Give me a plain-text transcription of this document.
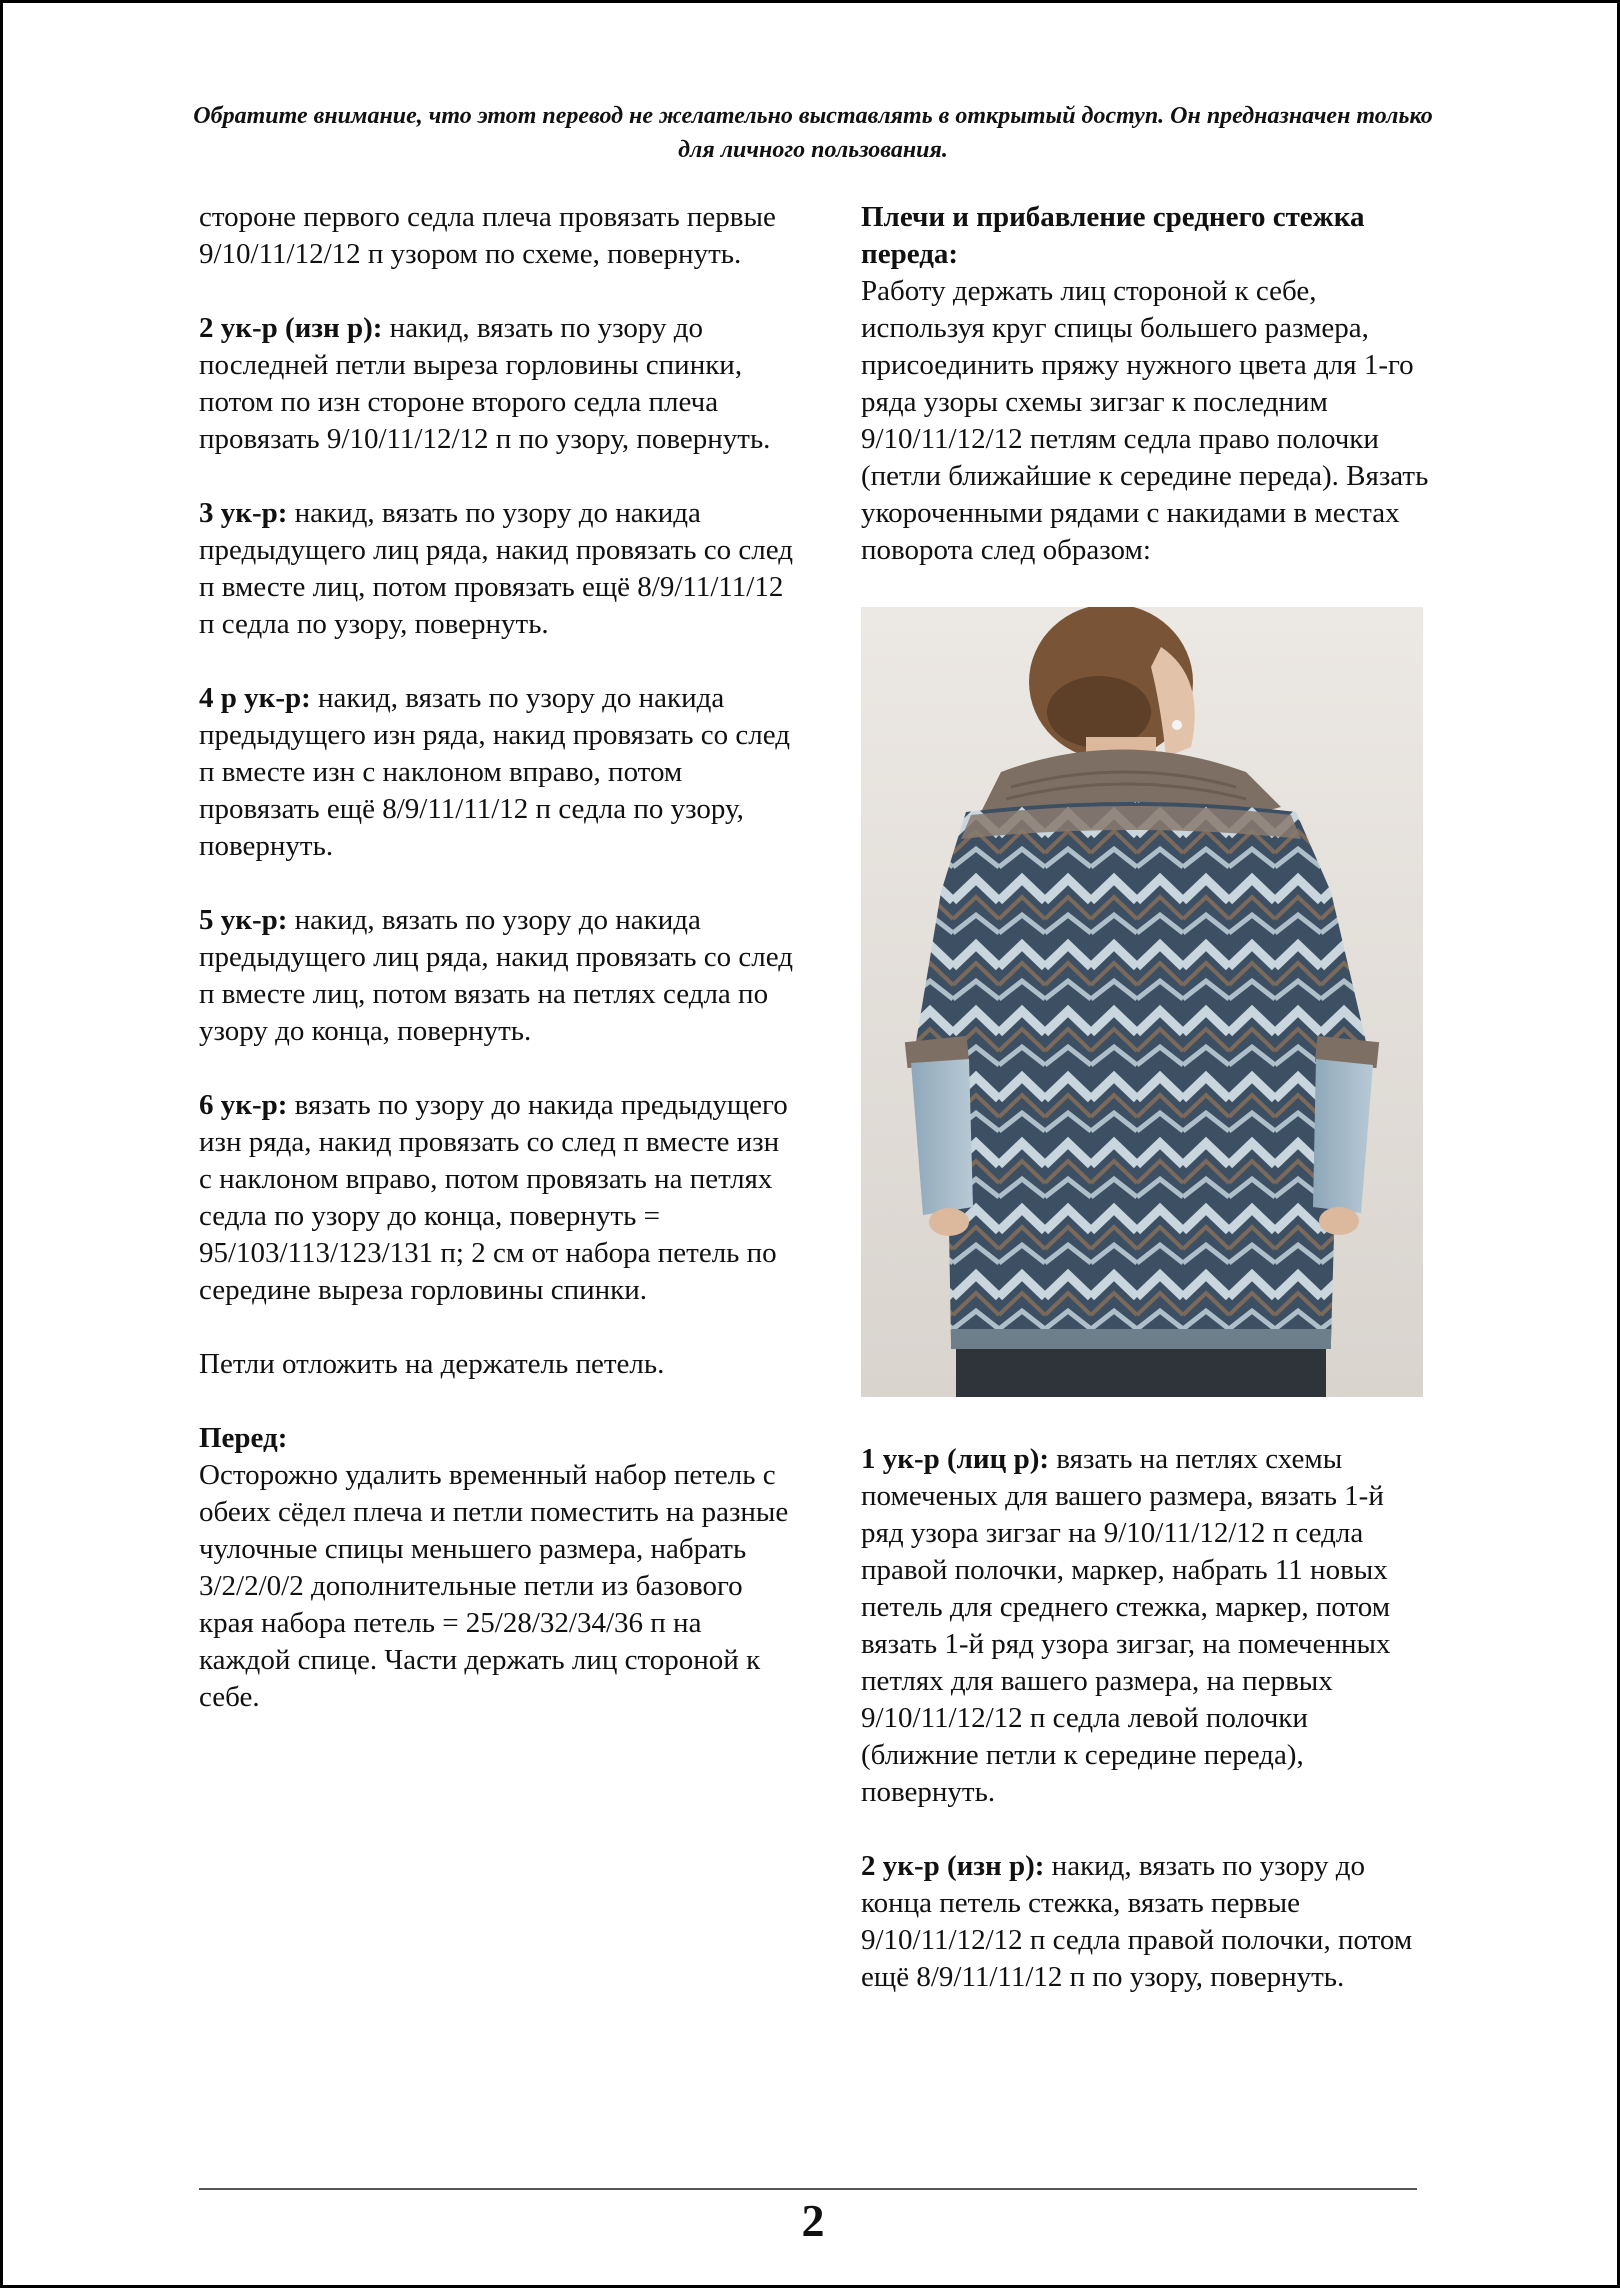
Обратите внимание, что этот перевод не желательно выставлять в открытый доступ. Он предназначен только для личного пользования.

стороне первого седла плеча провязать первые 9/10/11/12/12 п узором по схеме, повернуть.

2 ук-р (изн р): накид, вязать по узору до последней петли выреза горловины спинки, потом по изн стороне второго седла плеча провязать 9/10/11/12/12 п по узору, повернуть.

3 ук-р: накид, вязать по узору до накида предыдущего лиц ряда, накид провязать со след п вместе лиц, потом провязать ещё 8/9/11/11/12 п седла по узору, повернуть.

4 р ук-р: накид, вязать по узору до накида предыдущего изн ряда, накид провязать со след п вместе изн с наклоном вправо, потом провязать ещё 8/9/11/11/12 п седла по узору, повернуть.

5 ук-р: накид, вязать по узору до накида предыдущего лиц ряда, накид провязать со след п вместе лиц, потом вязать на петлях седла по узору до конца, повернуть.

6 ук-р: вязать по узору до накида предыдущего изн ряда, накид провязать со след п вместе изн с наклоном вправо, потом провязать на петлях седла по узору до конца, повернуть = 95/103/113/123/131 п; 2 см от набора петель по середине выреза горловины спинки.

Петли отложить на держатель петель.

Перед:
Осторожно удалить временный набор петель с обеих сёдел плеча и петли поместить на разные чулочные спицы меньшего размера, набрать 3/2/2/0/2 дополнительные петли из базового края набора петель = 25/28/32/34/36 п на каждой спице. Части держать лиц стороной к себе.

Плечи и прибавление среднего стежка переда:
Работу держать лиц стороной к себе, используя круг спицы большего размера, присоединить пряжу нужного цвета для 1-го ряда узоры схемы зигзаг к последним 9/10/11/12/12 петлям седла право полочки (петли ближайшие к середине переда). Вязать укороченными рядами с накидами в местах поворота след образом:

1 ук-р (лиц р): вязать на петлях схемы помеченых для вашего размера, вязать 1-й ряд узора зигзаг на 9/10/11/12/12 п седла правой полочки, маркер, набрать 11 новых петель для среднего стежка, маркер, потом вязать 1-й ряд узора зигзаг, на помеченных петлях для вашего размера, на первых 9/10/11/12/12 п седла левой полочки (ближние петли к середине переда), повернуть.

2 ук-р (изн р): накид, вязать по узору до конца петель стежка, вязать первые 9/10/11/12/12 п седла правой полочки, потом ещё 8/9/11/11/12 п по узору, повернуть.

2
